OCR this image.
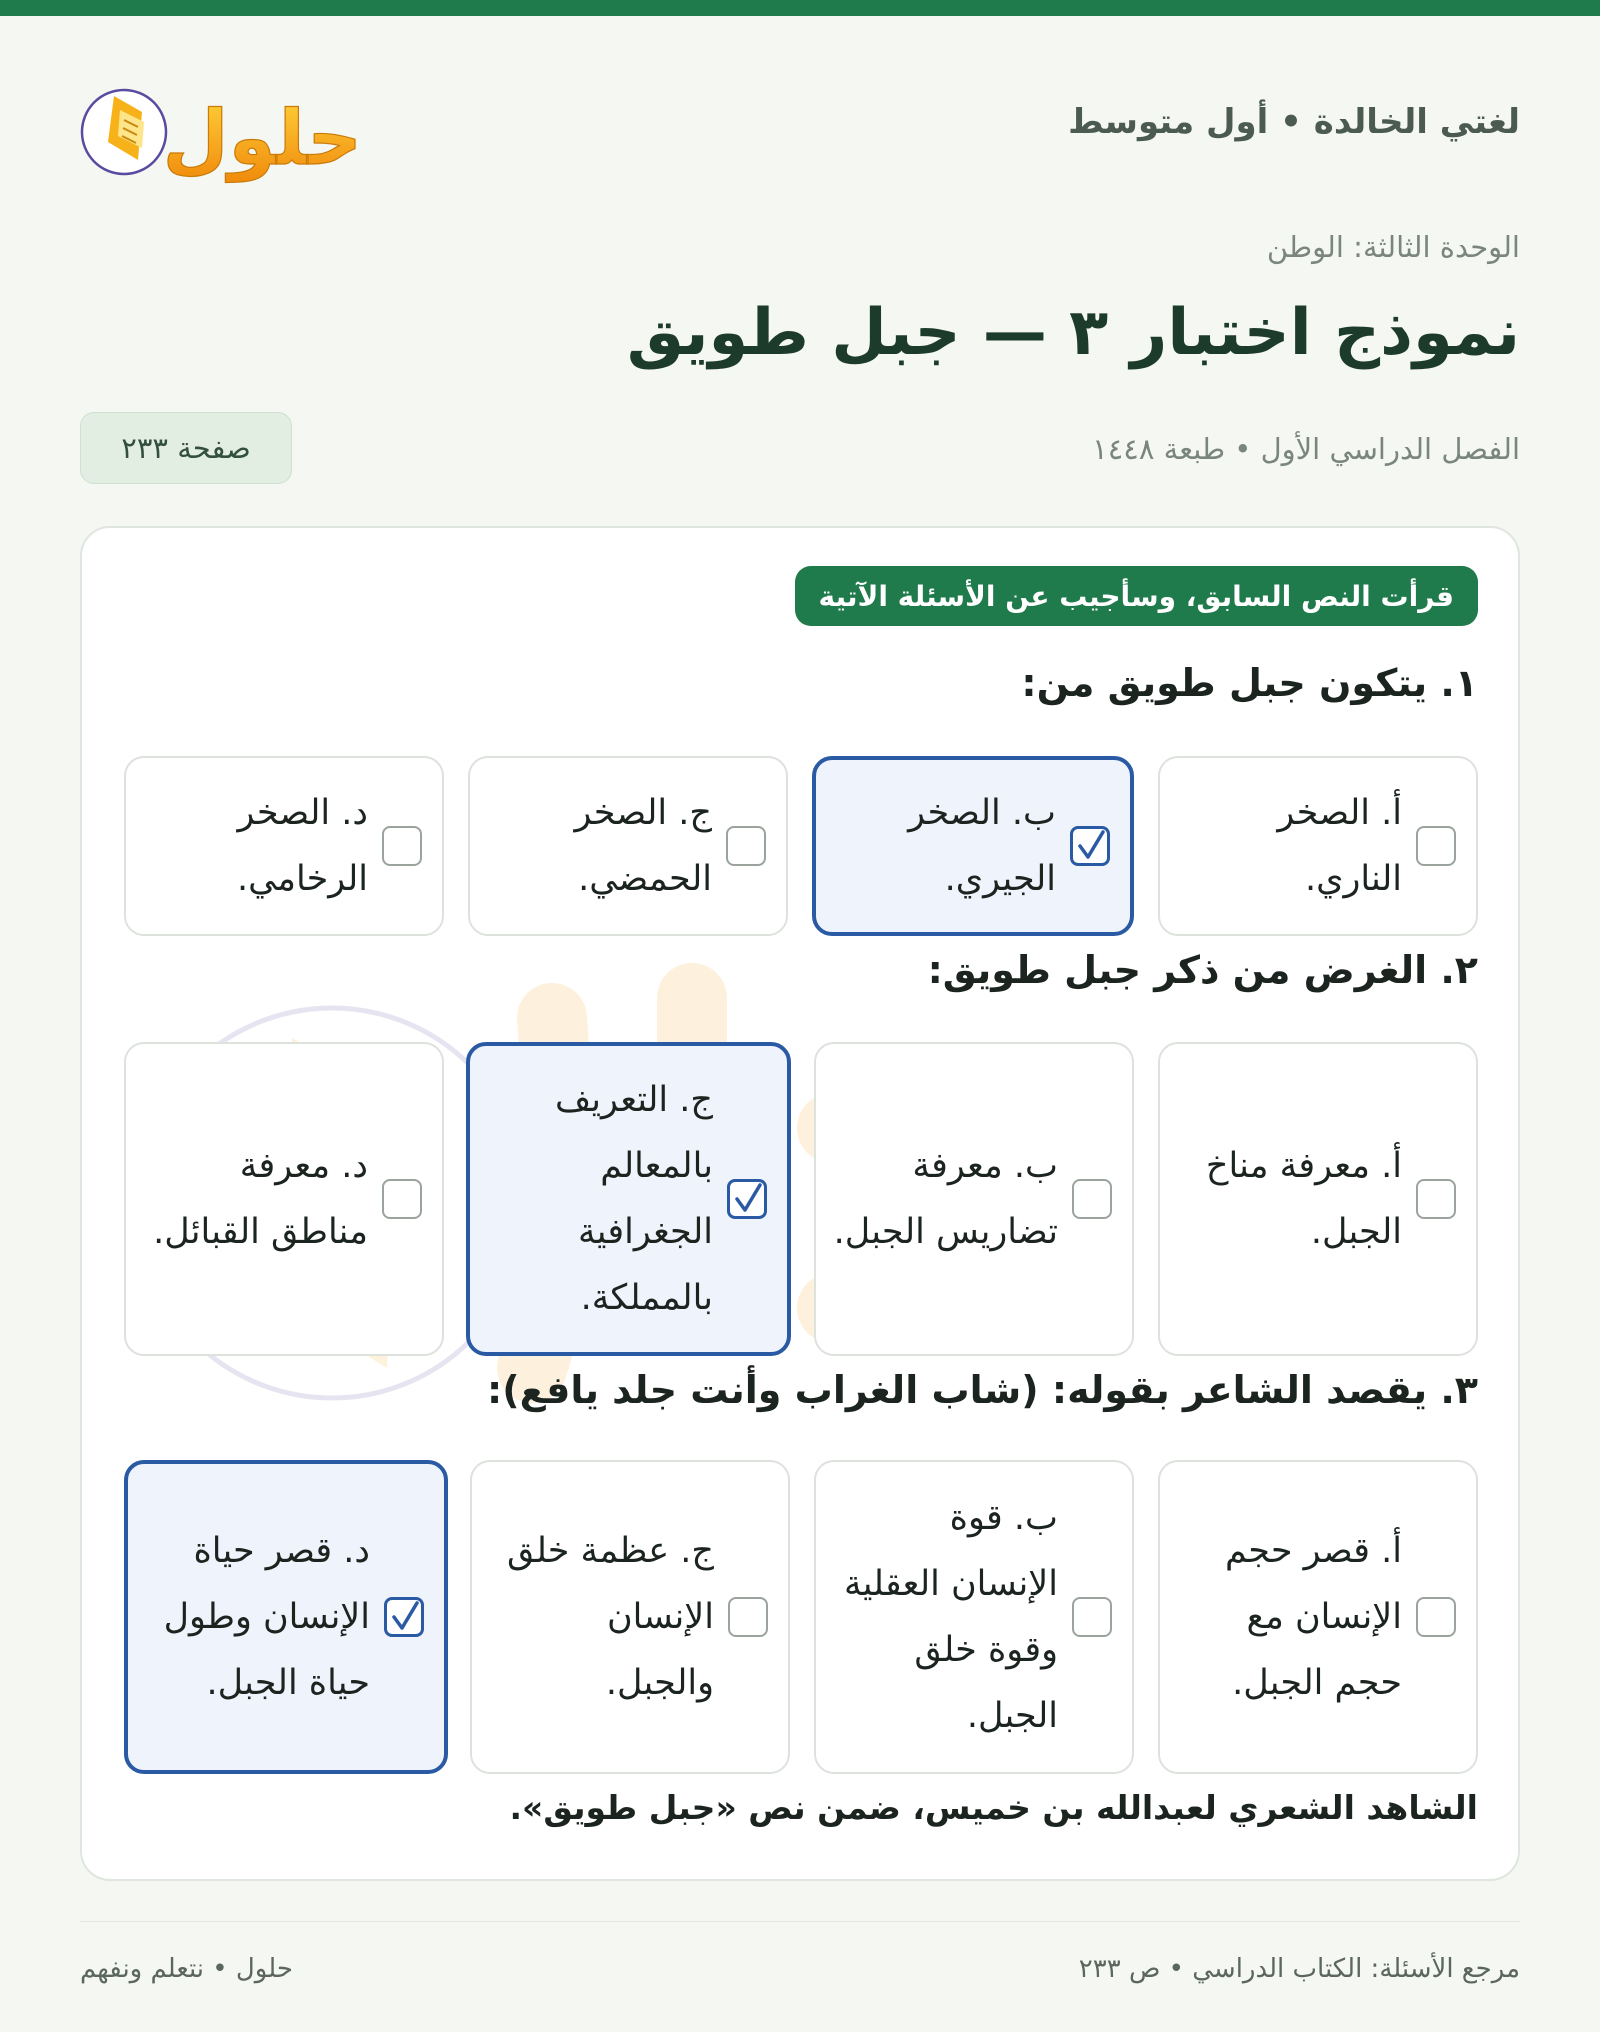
لغتي الخالدة • أول متوسط
حلول
الوحدة الثالثة: الوطن
نموذج اختبار ٣ — جبل طويق
الفصل الدراسي الأول • طبعة ١٤٤٨
صفحة ٢٣٣
قرأت النص السابق، وسأجيب عن الأسئلة الآتية
١. يتكون جبل طويق من:
٢. الغرض من ذكر جبل طويق:
٣. يقصد الشاعر بقوله: (شاب الغراب وأنت جلد يافع):
أ. الصخر الناري.
ب. الصخر الجيري.
ج. الصخر الحمضي.
د. الصخر الرخامي.
أ. معرفة مناخ الجبل.
ب. معرفة تضاريس الجبل.
ج. التعريف بالمعالم الجغرافية بالمملكة.
د. معرفة مناطق القبائل.
أ. قصر حجم الإنسان مع حجم الجبل.
ب. قوة الإنسان العقلية وقوة خلق الجبل.
ج. عظمة خلق الإنسان والجبل.
د. قصر حياة الإنسان وطول حياة الجبل.
الشاهد الشعري لعبدالله بن خميس، ضمن نص «جبل طويق».
مرجع الأسئلة: الكتاب الدراسي • ص ٢٣٣
حلول • نتعلم ونفهم
